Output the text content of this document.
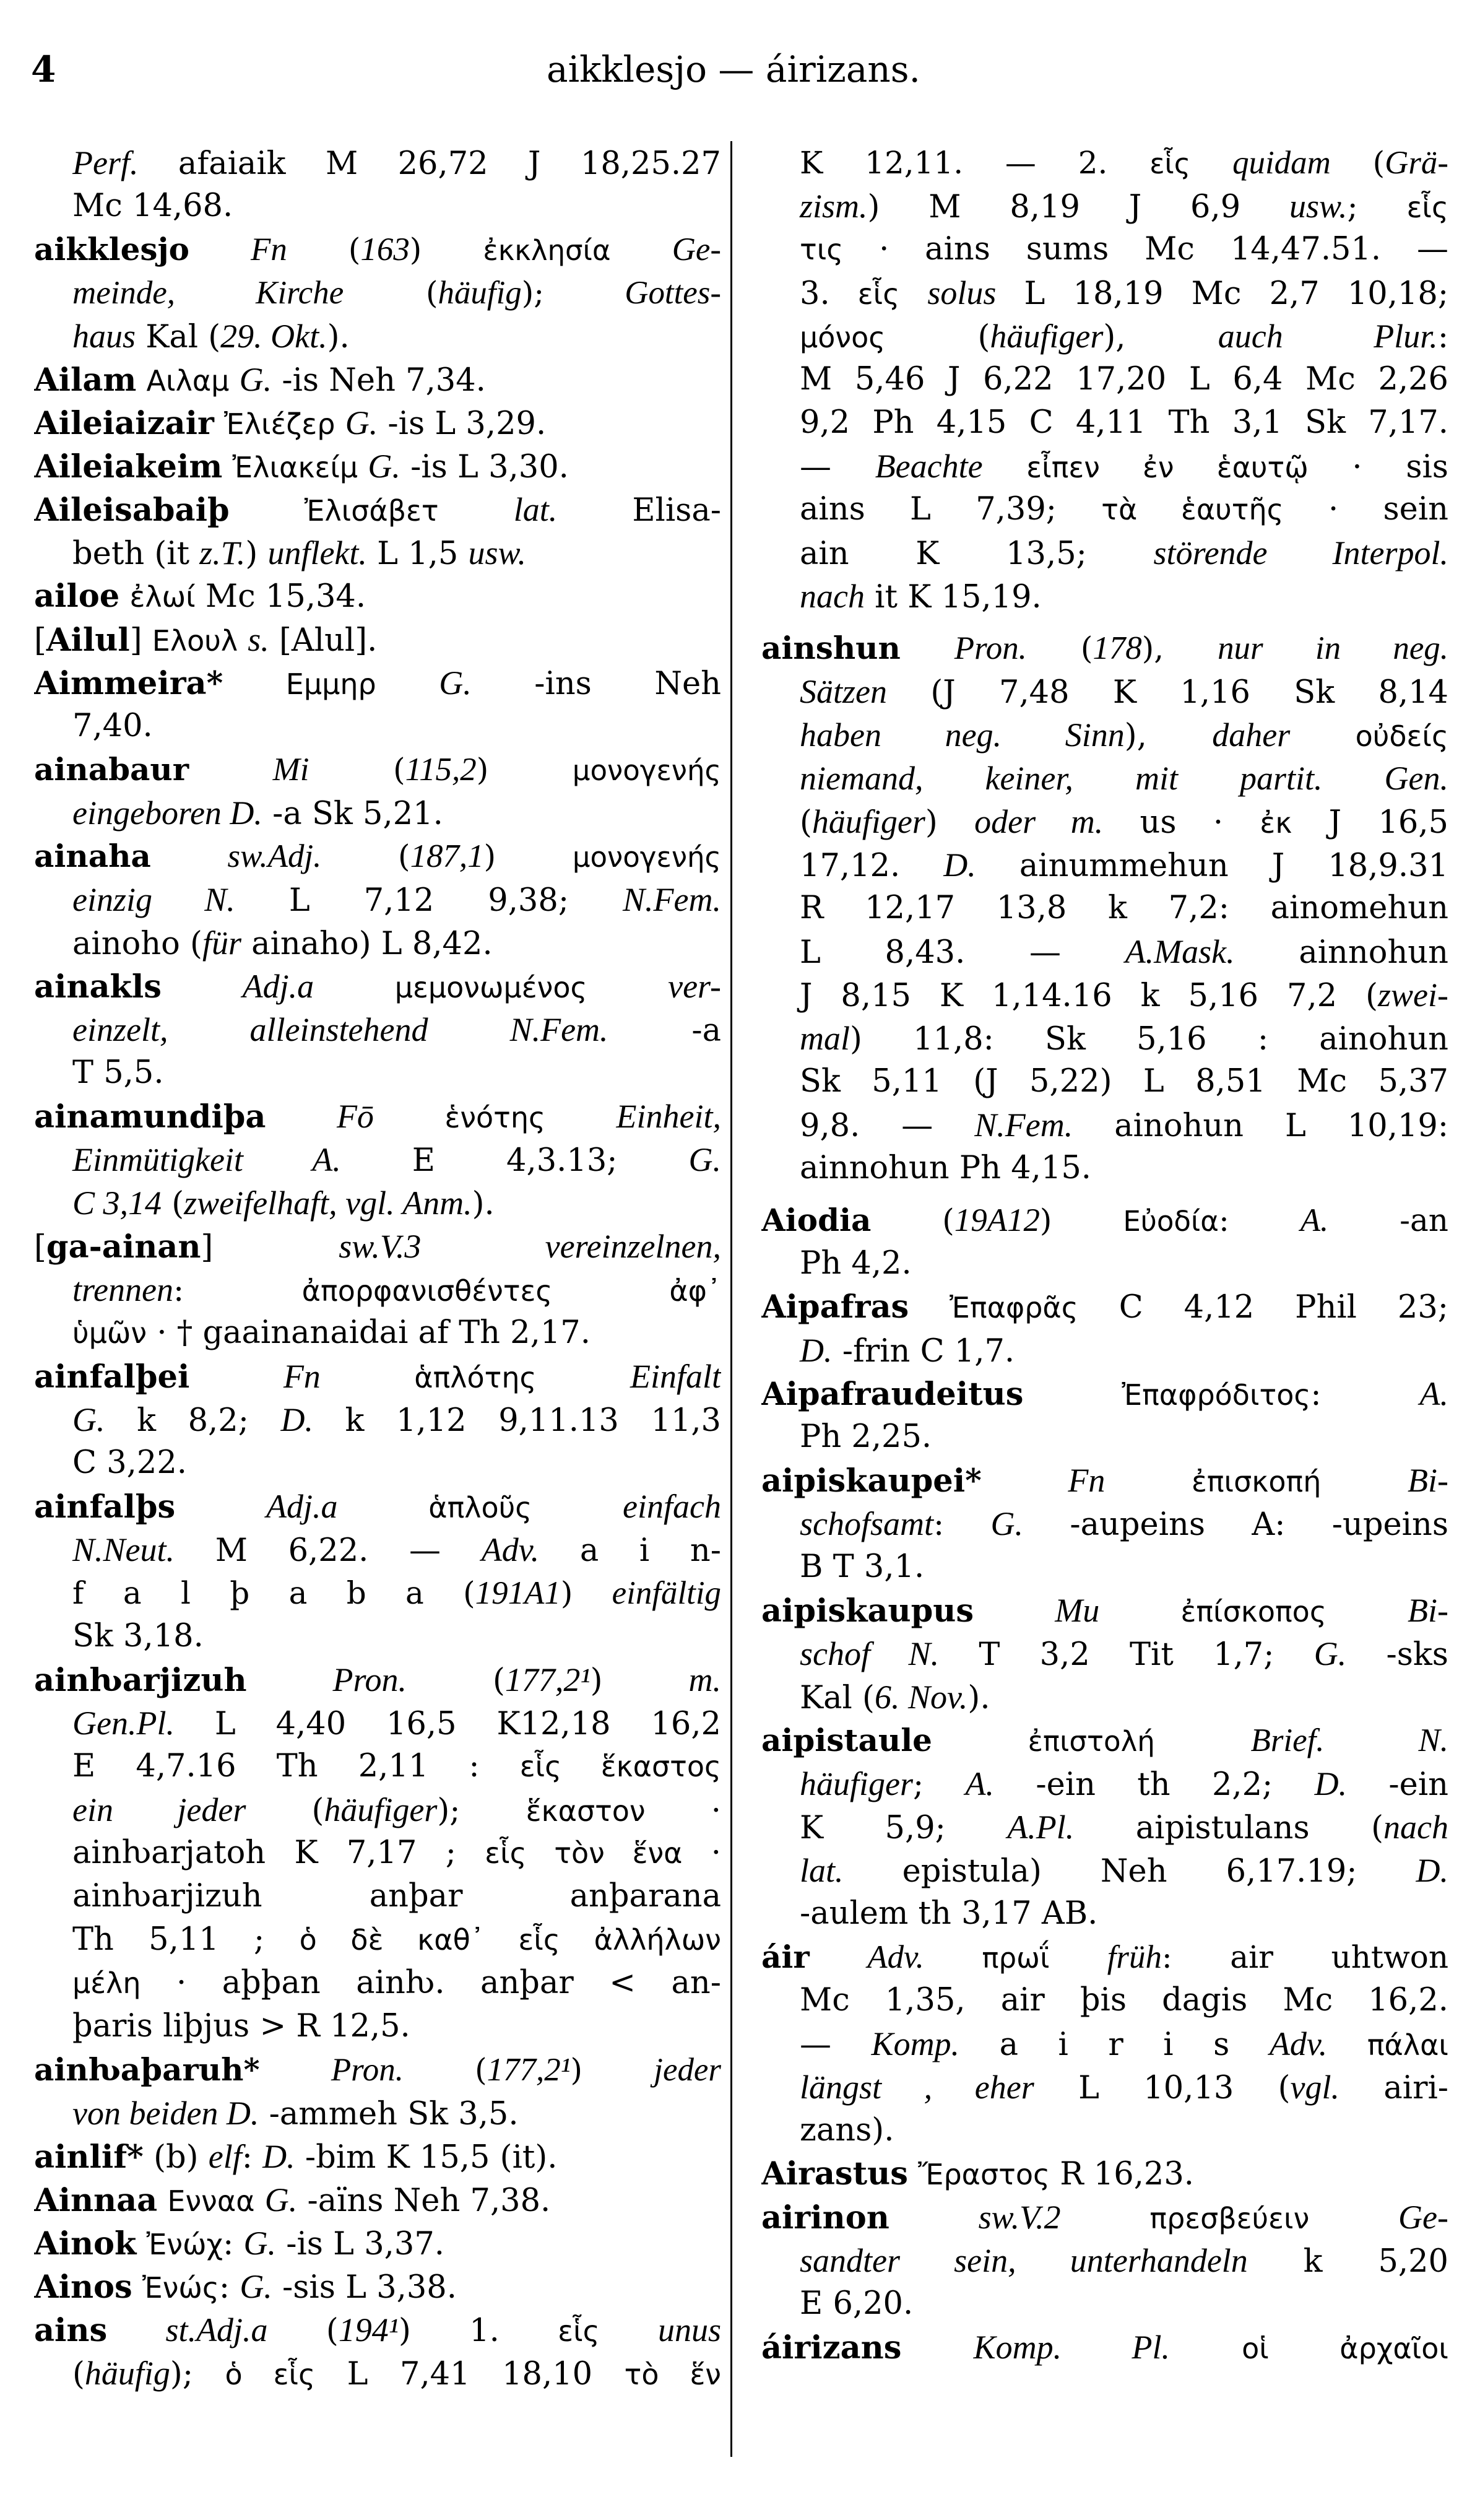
4	aikklesjo — áirizans.
Perf. afaiaik M 26,72 J 18,25.27
Mc 14,68.
aikklesjo Fn (163) ἐκκλησία Ge-
meinde, Kirche (häufig); Gottes-
haus Kal (29. Okt.).
Ailam Αιλαμ G. -is Neh 7,34.
Aileiaizair Ἐλιέζερ G. -is L 3,29.
Aileiakeim Ἐλιακείμ G. -is L 3,30.
Aileisabaiþ	Ἐλισάβετ lat. Elisa-
beth (it z.T.) unflekt. L 1,5 usw.
ailoe ἐλωί Mc 15,34.
[Ailul] Ελουλ s. [Alul].
Aimmeira* Εμμηρ G. -ins Neh
7,40.
ainabaur	Mi (115,2) μονογενής
eingeboren D. -a Sk 5,21.
ainaha sw.Adj. (187,1) μονογενής
einzig N. L 7,12 9,38; N.Fem.
ainoho (für ainaho) L 8,42.
ainakls Adj.a	μεμονωμένος ver-
einzelt, alleinstehend N.Fem. -a
T 5,5.
ainamundiþa Fō ἑνότης Einheit,
Einmütigkeit A. E 4,3.13; G.
C 3,14 (zweifelhaft, vgl. Anm.).
[ga-ainan] sw.V.3 vereinzelnen,
trennen: ἀπορφανισθέντες ἀφ᾽
ὑμῶν · † gaainanaidai af Th 2,17.
ainfalþei	Fn	ἁπλότης	Einfalt
G. k 8,2; D. k 1,12 9,11.13 11,3
C 3,22.
ainfalþs	Adj.a	ἁπλοῦς	einfach
N.Neut. M 6,22. — Adv. a i n-
f a l þ a b a (191A1) einfältig
Sk 3,18.
ainƕarjizuh	Pron. (177,2¹) m.
Gen.Pl. L 4,40 16,5 K12,18 16,2
E 4,7.16 Th 2,11 : εἷς ἕκαστος
ein jeder (häufiger); ἕκαστον ·
ainƕarjatoh K 7,17 ; εἷς τὸν ἕνα ·
ainƕarjizuh anþar anþarana
Th 5,11 ; ὁ δὲ καθ᾽ εἷς ἀλλήλων
μέλη · aþþan ainƕ. anþar < an-
þaris liþjus > R 12,5.
ainƕaþaruh* Pron. (177,2¹) jeder
von beiden D. -ammeh Sk 3,5.
ainlif* (b) elf: D. -bim K 15,5 (it).
Ainnaa Ενναα G. -aïns Neh 7,38.
Ainok Ἐνώχ: G. -is L 3,37.
Ainos Ἐνώς: G. -sis L 3,38.
ains st.Adj.a (194¹) 1. εἷς unus
(häufig); ὁ εἷς L 7,41 18,10 τὸ ἕν
K 12,11. — 2. εἷς quidam (Grä-
zism.) M 8,19 J 6,9 usw.; εἷς
τις · ains sums Mc 14,47.51. —
3. εἷς solus L 18,19 Mc 2,7 10,18;
μόνος (häufiger), auch Plur.:
M 5,46 J 6,22 17,20 L 6,4 Mc 2,26
9,2 Ph 4,15 C 4,11 Th 3,1 Sk 7,17.
— Beachte εἶπεν ἐν ἑαυτῷ · sis
ains L 7,39; τὰ ἑαυτῆς · sein
ain K 13,5; störende Interpol.
nach it K 15,19.
ainshun Pron. (178), nur in neg.
Sätzen (J 7,48 K 1,16 Sk 8,14
haben neg. Sinn), daher οὐδείς
niemand, keiner, mit partit. Gen.
(häufiger) oder m. us · ἐκ J 16,5
17,12. D. ainummehun J 18,9.31
R 12,17 13,8 k 7,2: ainomehun
L 8,43. — A.Mask. ainnohun
J 8,15 K 1,14.16 k 5,16 7,2 (zwei-
mal) 11,8: Sk 5,16 : ainohun
Sk 5,11 (J 5,22) L 8,51 Mc 5,37
9,8. — N.Fem. ainohun L 10,19:
ainnohun Ph 4,15.
Aiodia (19A12) Εὐοδία: A. -an
Ph 4,2.
Aipafras Ἐπαφρᾶς C 4,12 Phil 23;
D. -frin C 1,7.
Aipafraudeitus	Ἐπαφρόδιτος: A.
Ph 2,25.
aipiskaupei*	Fn	ἐπισκοπή	Bi-
schofsamt: G. -aupeins A: -upeins
B T 3,1.
aipiskaupus Mu	ἐπίσκοπος Bi-
schof N. T 3,2 Tit 1,7; G. -sks
Kal (6. Nov.).
aipistaule	ἐπιστολή	Brief. N.
häufiger; A. -ein th 2,2; D. -ein
K 5,9; A.Pl. aipistulans (nach
lat. epistula) Neh 6,17.19; D.
-aulem th 3,17 AB.
áir Adv. πρωΐ früh: air uhtwon
Mc 1,35, air þis dagis Mc 16,2.
— Komp. a i r i s Adv. πάλαι
längst , eher L 10,13 (vgl. airi-
zans).
Airastus Ἔραστος R 16,23.
airinon	sw.V.2	πρεσβεύειν	Ge-
sandter sein, unterhandeln k 5,20
E 6,20.
áirizans Komp. Pl.	οἱ ἀρχαῖοι
